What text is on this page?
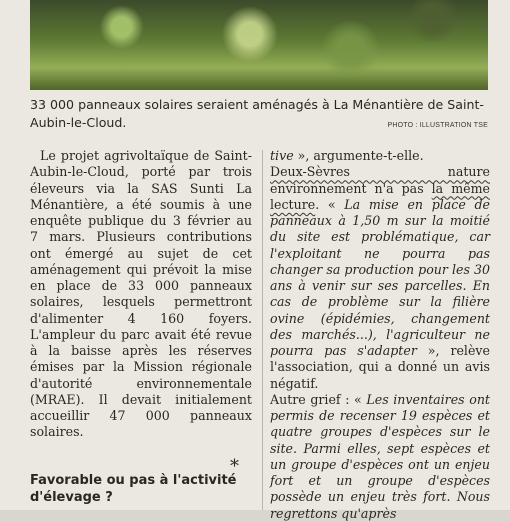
33 000 panneaux solaires seraient aménagés à La Ménantière de Saint-Aubin-le-Cloud.	PHOTO : ILLUSTRATION TSE

Le projet agrivoltaïque de Saint-Aubin-le-Cloud, porté par trois éleveurs via la SAS Sunti La Ménantière, a été soumis à une enquête publique du 3 février au 7 mars. Plusieurs contributions ont émergé au sujet de cet aménagement qui prévoit la mise en place de 33 000 panneaux solaires, lesquels permettront d'alimenter 4 160 foyers. L'ampleur du parc avait été revue à la baisse après les réserves émises par la Mission régionale d'autorité environnementale (MRAE). Il devait initialement accueillir 47 000 panneaux solaires.

*
Favorable ou pas à l'activité d'élevage ?

tive », argumente-t-elle.

Deux-Sèvres nature environnement n'a pas la même lecture. « La mise en place de panneaux à 1,50 m sur la moitié du site est problématique, car l'exploitant ne pourra pas changer sa production pour les 30 ans à venir sur ses parcelles. En cas de problème sur la filière ovine (épidémies, changement des marchés...), l'agriculteur ne pourra pas s'adapter », relève l'association, qui a donné un avis négatif.

Autre grief : « Les inventaires ont permis de recenser 19 espèces et quatre groupes d'espèces sur le site. Parmi elles, sept espèces et un groupe d'espèces ont un enjeu fort et un groupe d'espèces possède un enjeu très fort. Nous regrettons qu'après
